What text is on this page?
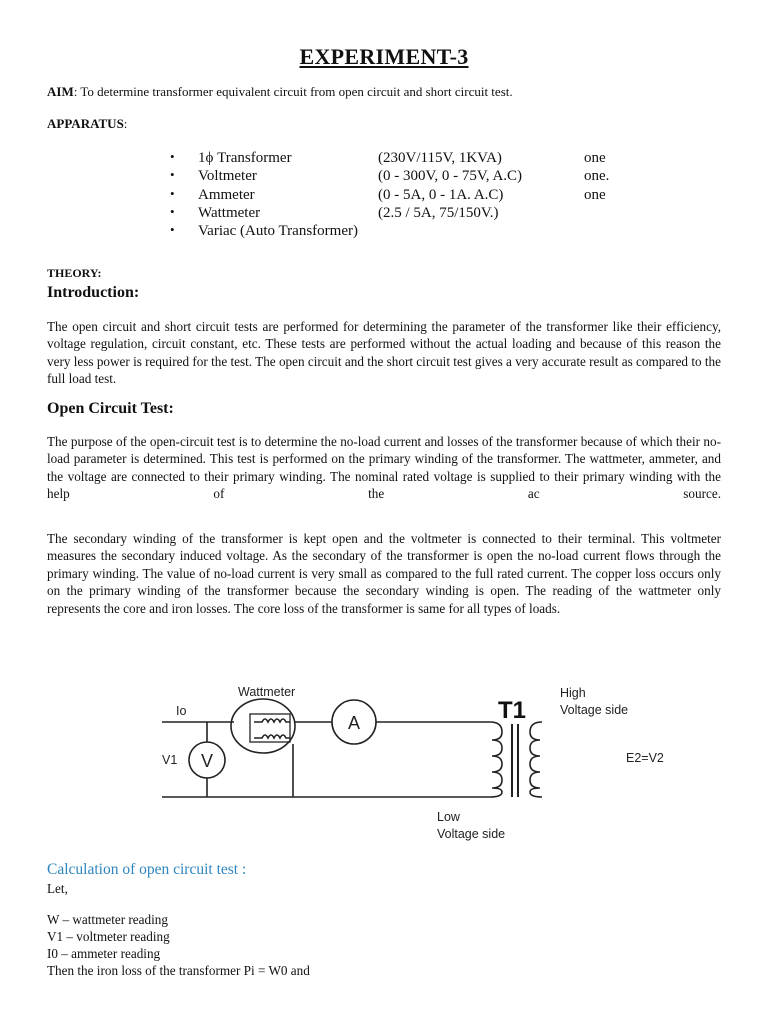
EXPERIMENT-3
AIM: To determine transformer equivalent circuit from open circuit and short circuit test.
APPARATUS:
• 1ϕ Transformer	(230V/115V, 1KVA)	one
• Voltmeter	(0 - 300V, 0 - 75V, A.C)	one.
• Ammeter	(0 - 5A, 0 - 1A. A.C)	one
• Wattmeter	(2.5 / 5A, 75/150V.)
• Variac (Auto Transformer)
THEORY:
Introduction:
The open circuit and short circuit tests are performed for determining the parameter of the transformer like their efficiency, voltage regulation, circuit constant, etc. These tests are performed without the actual loading and because of this reason the very less power is required for the test. The open circuit and the short circuit test gives a very accurate result as compared to the full load test.
Open Circuit Test:
The purpose of the open-circuit test is to determine the no-load current and losses of the transformer because of which their no-load parameter is determined. This test is performed on the primary winding of the transformer. The wattmeter, ammeter, and the voltage are connected to their primary winding. The nominal rated voltage is supplied to their primary winding with the help of the ac source.
The secondary winding of the transformer is kept open and the voltmeter is connected to their terminal. This voltmeter measures the secondary induced voltage. As the secondary of the transformer is open the no-load current flows through the primary winding. The value of no-load current is very small as compared to the full rated current. The copper loss occurs only on the primary winding of the transformer because the secondary winding is open. The reading of the wattmeter only represents the core and iron losses. The core loss of the transformer is same for all types of loads.
Wattmeter
Io
V1 V
A	T1
High
Voltage side
E2=V2
Low
Voltage side
Calculation of open circuit test :
Let,
W – wattmeter reading
V1 – voltmeter reading
I0 – ammeter reading
Then the iron loss of the transformer Pi = W0 and
